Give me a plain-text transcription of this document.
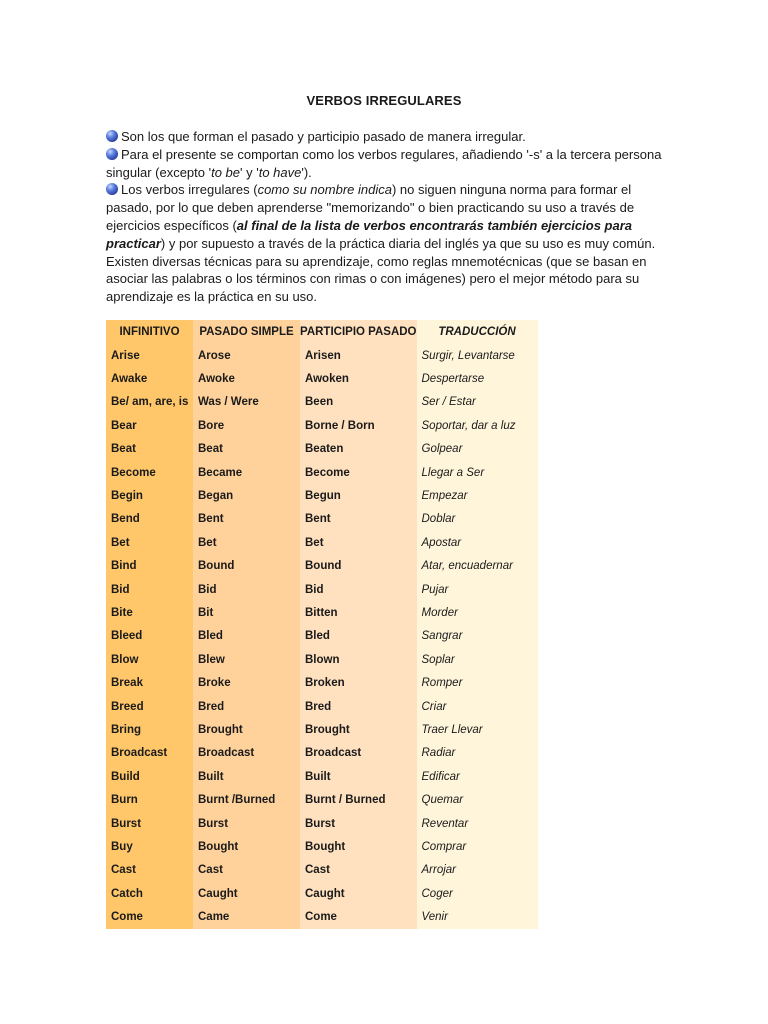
VERBOS IRREGULARES

Son los que forman el pasado y participio pasado de manera irregular.

Para el presente se comportan como los verbos regulares, añadiendo '-s' a la tercera persona singular (excepto 'to be' y 'to have').

Los verbos irregulares (como su nombre indica) no siguen ninguna norma para formar el pasado, por lo que deben aprenderse "memorizando" o bien practicando su uso a través de ejercicios específicos (al final de la lista de verbos encontrarás también ejercicios para practicar) y por supuesto a través de la práctica diaria del inglés ya que su uso es muy común.

Existen diversas técnicas para su aprendizaje, como reglas mnemotécnicas (que se basan en asociar las palabras o los términos con rimas o con imágenes) pero el mejor método para su aprendizaje es la práctica en su uso.

INFINITIVO	PASADO SIMPLE	PARTICIPIO PASADO	TRADUCCIÓN
Arise	Arose	Arisen	Surgir, Levantarse
Awake	Awoke	Awoken	Despertarse
Be/ am, are, is	Was / Were	Been	Ser / Estar
Bear	Bore	Borne / Born	Soportar, dar a luz
Beat	Beat	Beaten	Golpear
Become	Became	Become	Llegar a Ser
Begin	Began	Begun	Empezar
Bend	Bent	Bent	Doblar
Bet	Bet	Bet	Apostar
Bind	Bound	Bound	Atar, encuadernar
Bid	Bid	Bid	Pujar
Bite	Bit	Bitten	Morder
Bleed	Bled	Bled	Sangrar
Blow	Blew	Blown	Soplar
Break	Broke	Broken	Romper
Breed	Bred	Bred	Criar
Bring	Brought	Brought	Traer Llevar
Broadcast	Broadcast	Broadcast	Radiar
Build	Built	Built	Edificar
Burn	Burnt /Burned	Burnt / Burned	Quemar
Burst	Burst	Burst	Reventar
Buy	Bought	Bought	Comprar
Cast	Cast	Cast	Arrojar
Catch	Caught	Caught	Coger
Come	Came	Come	Venir
